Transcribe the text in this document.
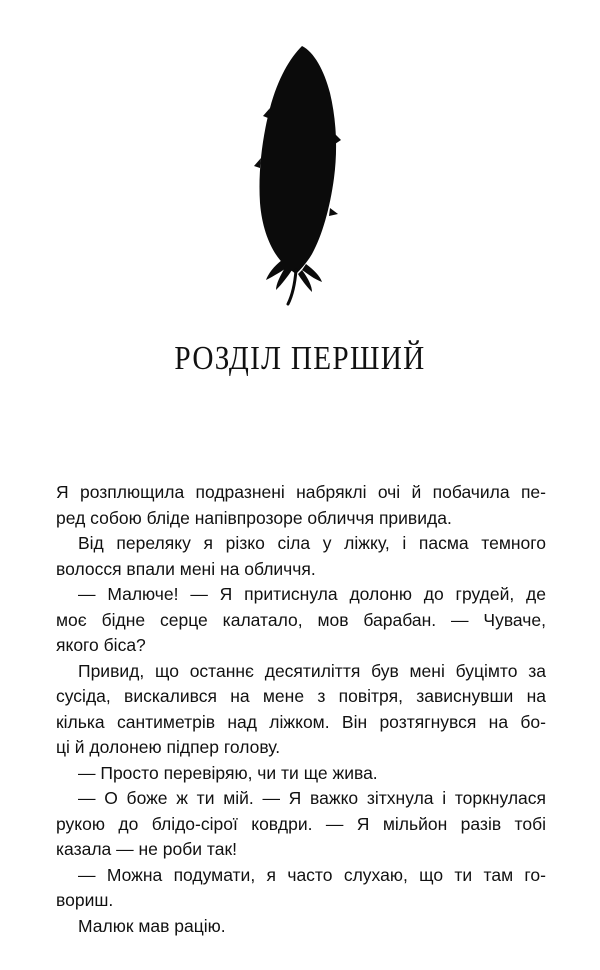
РОЗДІЛ ПЕРШИЙ
Я розплющила подразнені набряклі очі й побачила пе-
ред собою бліде напівпрозоре обличчя привида.
Від переляку я різко сіла у ліжку, і пасма темного
волосся впали мені на обличчя.
— Малюче! — Я притиснула долоню до грудей, де
моє бідне серце калатало, мов барабан. — Чуваче,
якого біса?
Привид, що останнє десятиліття був мені буцімто за
сусіда, вискалився на мене з повітря, зависнувши на
кілька сантиметрів над ліжком. Він розтягнувся на бо-
ці й долонею підпер голову.
— Просто перевіряю, чи ти ще жива.
— О боже ж ти мій. — Я важко зітхнула і торкнулася
рукою до блідо-сірої ковдри. — Я мільйон разів тобі
казала — не роби так!
— Можна подумати, я часто слухаю, що ти там го-
вориш.
Малюк мав рацію.
